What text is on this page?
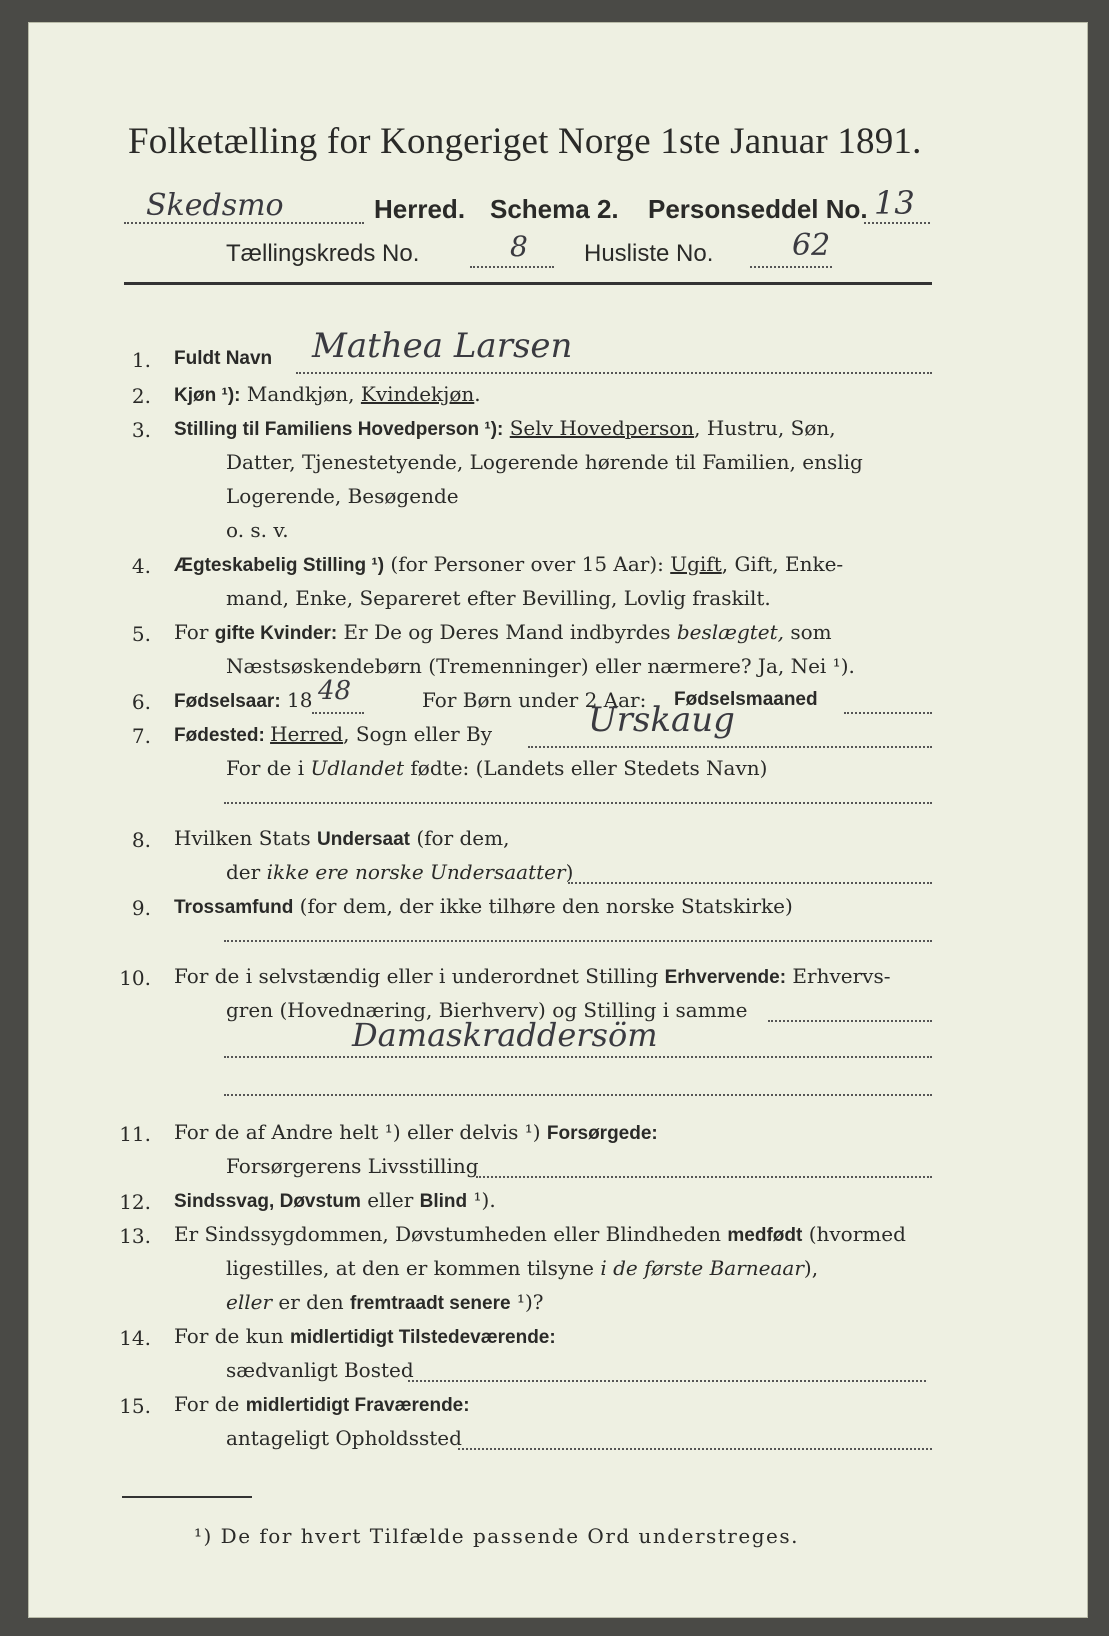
Folketælling for Kongeriget Norge 1ste Januar 1891.
Skedsmo	Herred. Schema 2. Personseddel No. 13
Tællingskreds No.	8 Husliste No.	62
1. Fuldt Navn Mathea Larsen
2. Kjøn ¹): Mandkjøn, Kvindekjøn.
3. Stilling til Familiens Hovedperson ¹): Selv Hovedperson, Hustru, Søn,
Datter, Tjenestetyende, Logerende hørende til Familien, enslig
Logerende, Besøgende
o. s. v.
4. Ægteskabelig Stilling ¹) (for Personer over 15 Aar): Ugift, Gift, Enke-
mand, Enke, Separeret efter Bevilling, Lovlig fraskilt.
5. For gifte Kvinder: Er De og Deres Mand indbyrdes beslægtet, som
Næstsøskendebørn (Tremenninger) eller nærmere? Ja, Nei ¹).
6. Fødselsaar: 18 48	For Børn under 2 Aar: Fødselsmaaned
7. Fødested: Herred, Sogn eller By	Urskaug
For de i Udlandet fødte: (Landets eller Stedets Navn)
8. Hvilken Stats Undersaat (for dem,
der ikke ere norske Undersaatter)
9. Trossamfund (for dem, der ikke tilhøre den norske Statskirke)
10. For de i selvstændig eller i underordnet Stilling Erhvervende: Erhvervs-
gren (Hovednæring, Bierhverv) og Stilling i samme
Damaskraddersöm
11. For de af Andre helt ¹) eller delvis ¹) Forsørgede:
Forsørgerens Livsstilling
12. Sindssvag, Døvstum eller Blind ¹).
13. Er Sindssygdommen, Døvstumheden eller Blindheden medfødt (hvormed
ligestilles, at den er kommen tilsyne i de første Barneaar),
eller er den fremtraadt senere ¹)?
14. For de kun midlertidigt Tilstedeværende:
sædvanligt Bosted
15. For de midlertidigt Fraværende:
antageligt Opholdssted
¹) De for hvert Tilfælde passende Ord understreges.
